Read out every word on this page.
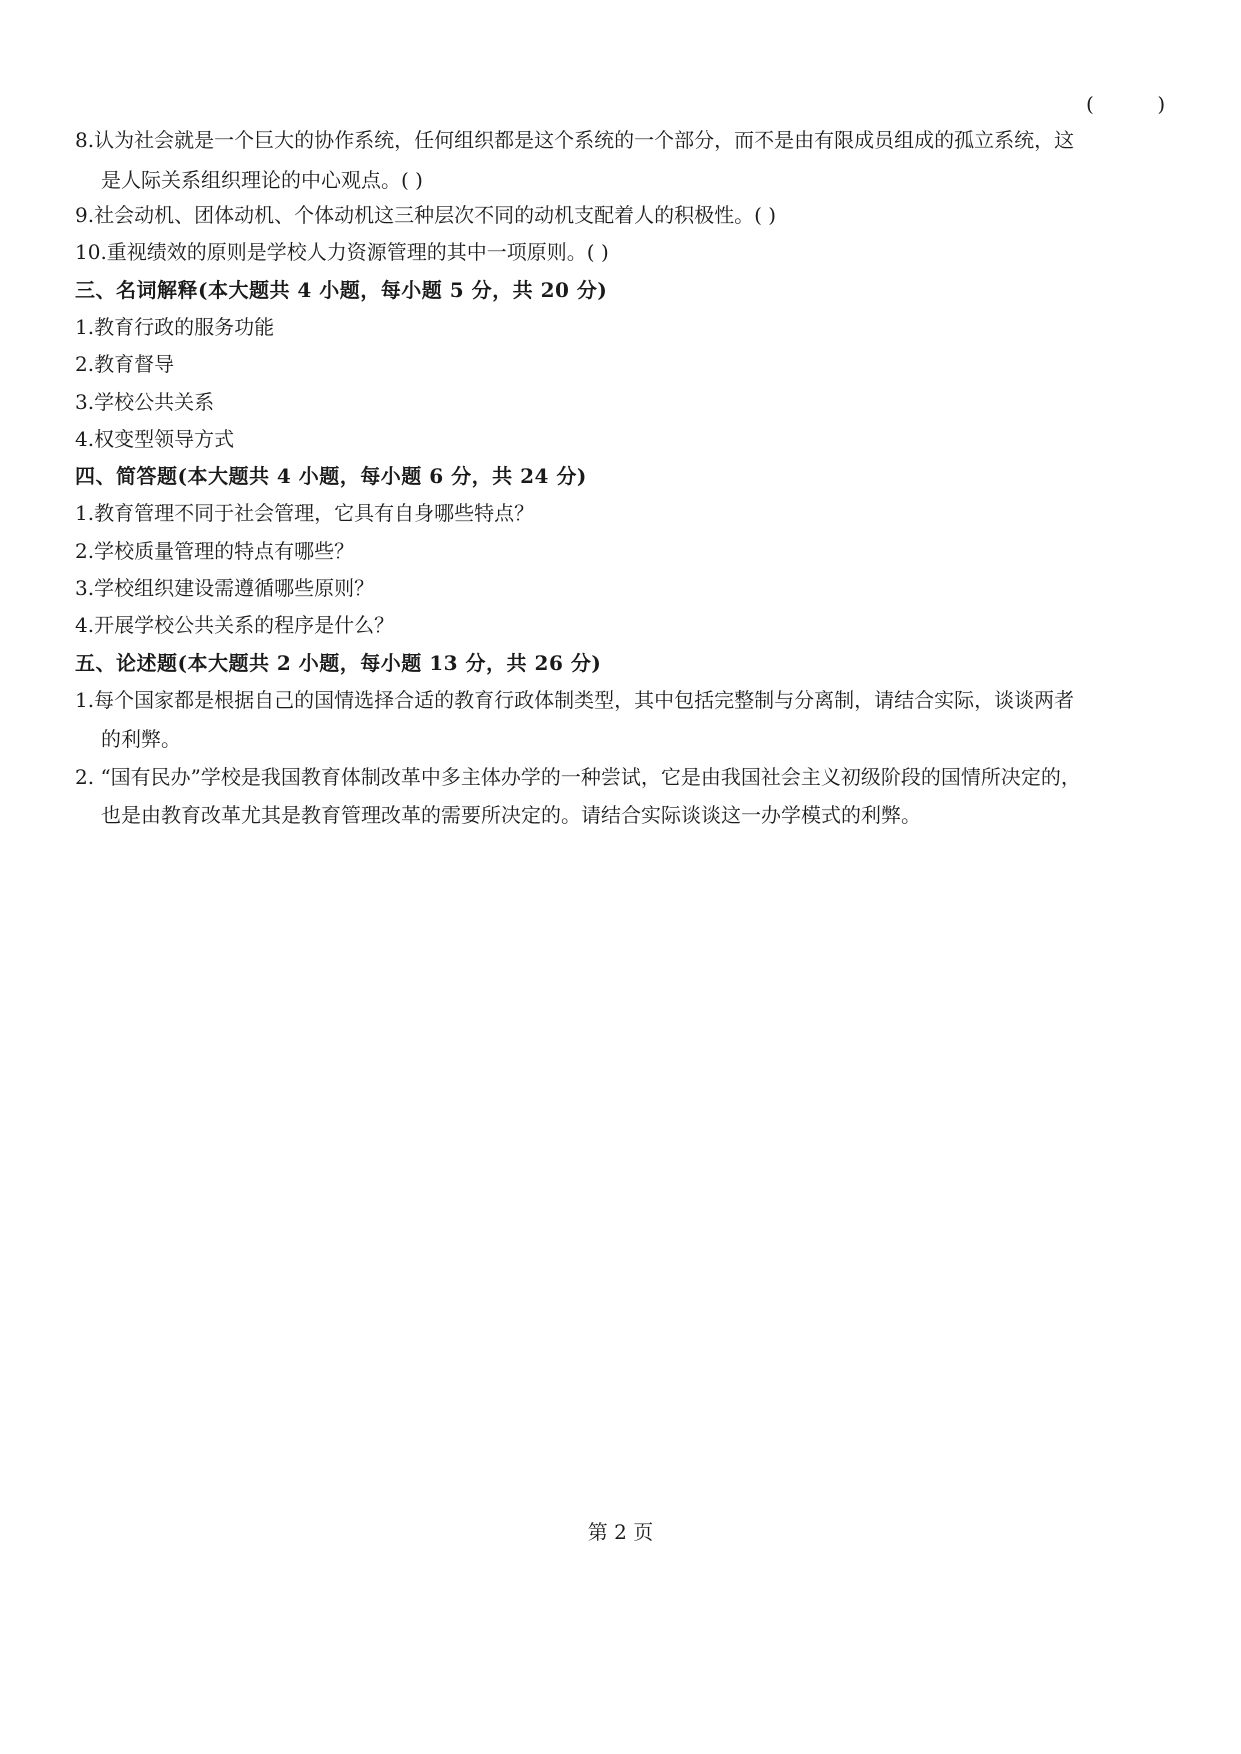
(          )
8.认为社会就是一个巨大的协作系统，任何组织都是这个系统的一个部分，而不是由有限成员组成的孤立系统，这
是人际关系组织理论的中心观点。( )
9.社会动机、团体动机、个体动机这三种层次不同的动机支配着人的积极性。( )
10.重视绩效的原则是学校人力资源管理的其中一项原则。( )
三、名词解释(本大题共 4 小题，每小题 5 分，共 20 分)
1.教育行政的服务功能
2.教育督导
3.学校公共关系
4.权变型领导方式
四、简答题(本大题共 4 小题，每小题 6 分，共 24 分)
1.教育管理不同于社会管理，它具有自身哪些特点？
2.学校质量管理的特点有哪些？
3.学校组织建设需遵循哪些原则？
4.开展学校公共关系的程序是什么？
五、论述题(本大题共 2 小题，每小题 13 分，共 26 分)
1.每个国家都是根据自己的国情选择合适的教育行政体制类型，其中包括完整制与分离制，请结合实际，谈谈两者
的利弊。
2. “国有民办”学校是我国教育体制改革中多主体办学的一种尝试，它是由我国社会主义初级阶段的国情所决定的，
也是由教育改革尤其是教育管理改革的需要所决定的。请结合实际谈谈这一办学模式的利弊。
第 2 页
